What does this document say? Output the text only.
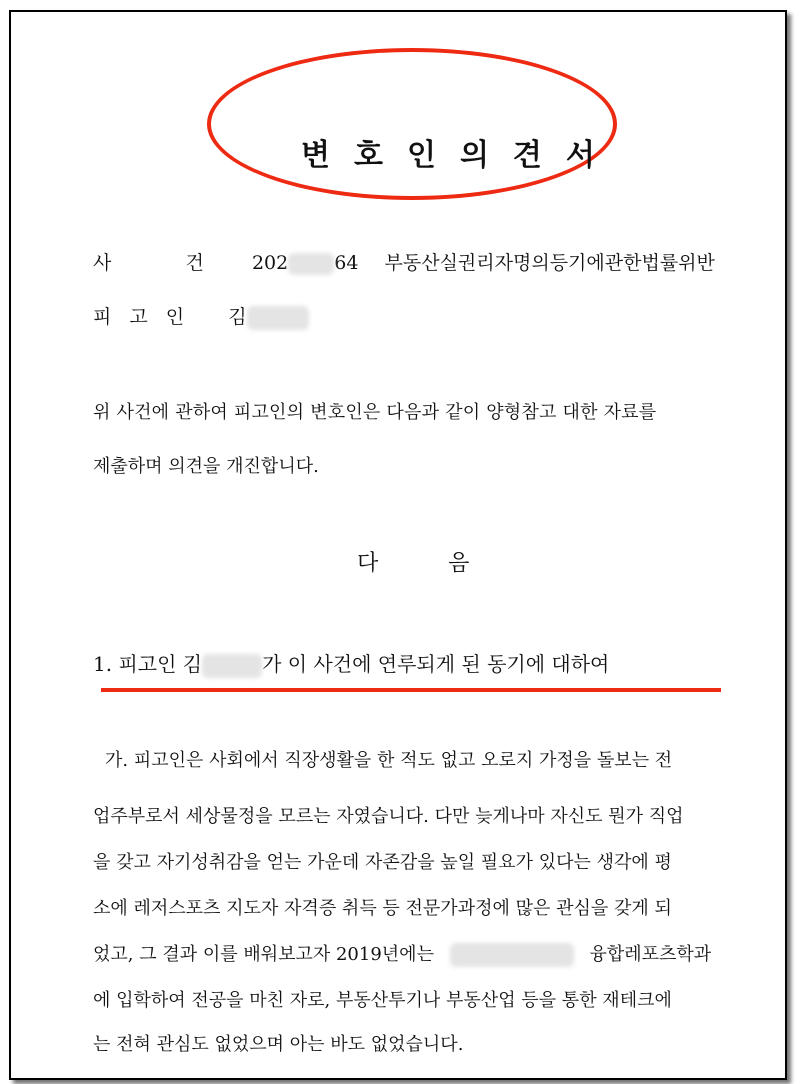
변호인의견서
사    건 202 64 부동산실권리자명의등기에관한법률위반
피 고 인 김
위 사건에 관하여 피고인의 변호인은 다음과 같이 양형참고 대한 자료를
제출하며 의견을 개진합니다.
다          음
1. 피고인 김	가 이 사건에 연루되게 된 동기에 대하여
가. 피고인은 사회에서 직장생활을 한 적도 없고 오로지 가정을 돌보는 전
업주부로서 세상물정을 모르는 자였습니다. 다만 늦게나마 자신도 뭔가 직업
을 갖고 자기성취감을 얻는 가운데 자존감을 높일 필요가 있다는 생각에 평
소에 레저스포츠 지도자 자격증 취득 등 전문가과정에 많은 관심을 갖게 되
었고, 그 결과 이를 배워보고자 2019년에는	융합레포츠학과
에 입학하여 전공을 마친 자로, 부동산투기나 부동산업 등을 통한 재테크에
는 전혀 관심도 없었으며 아는 바도 없었습니다.
